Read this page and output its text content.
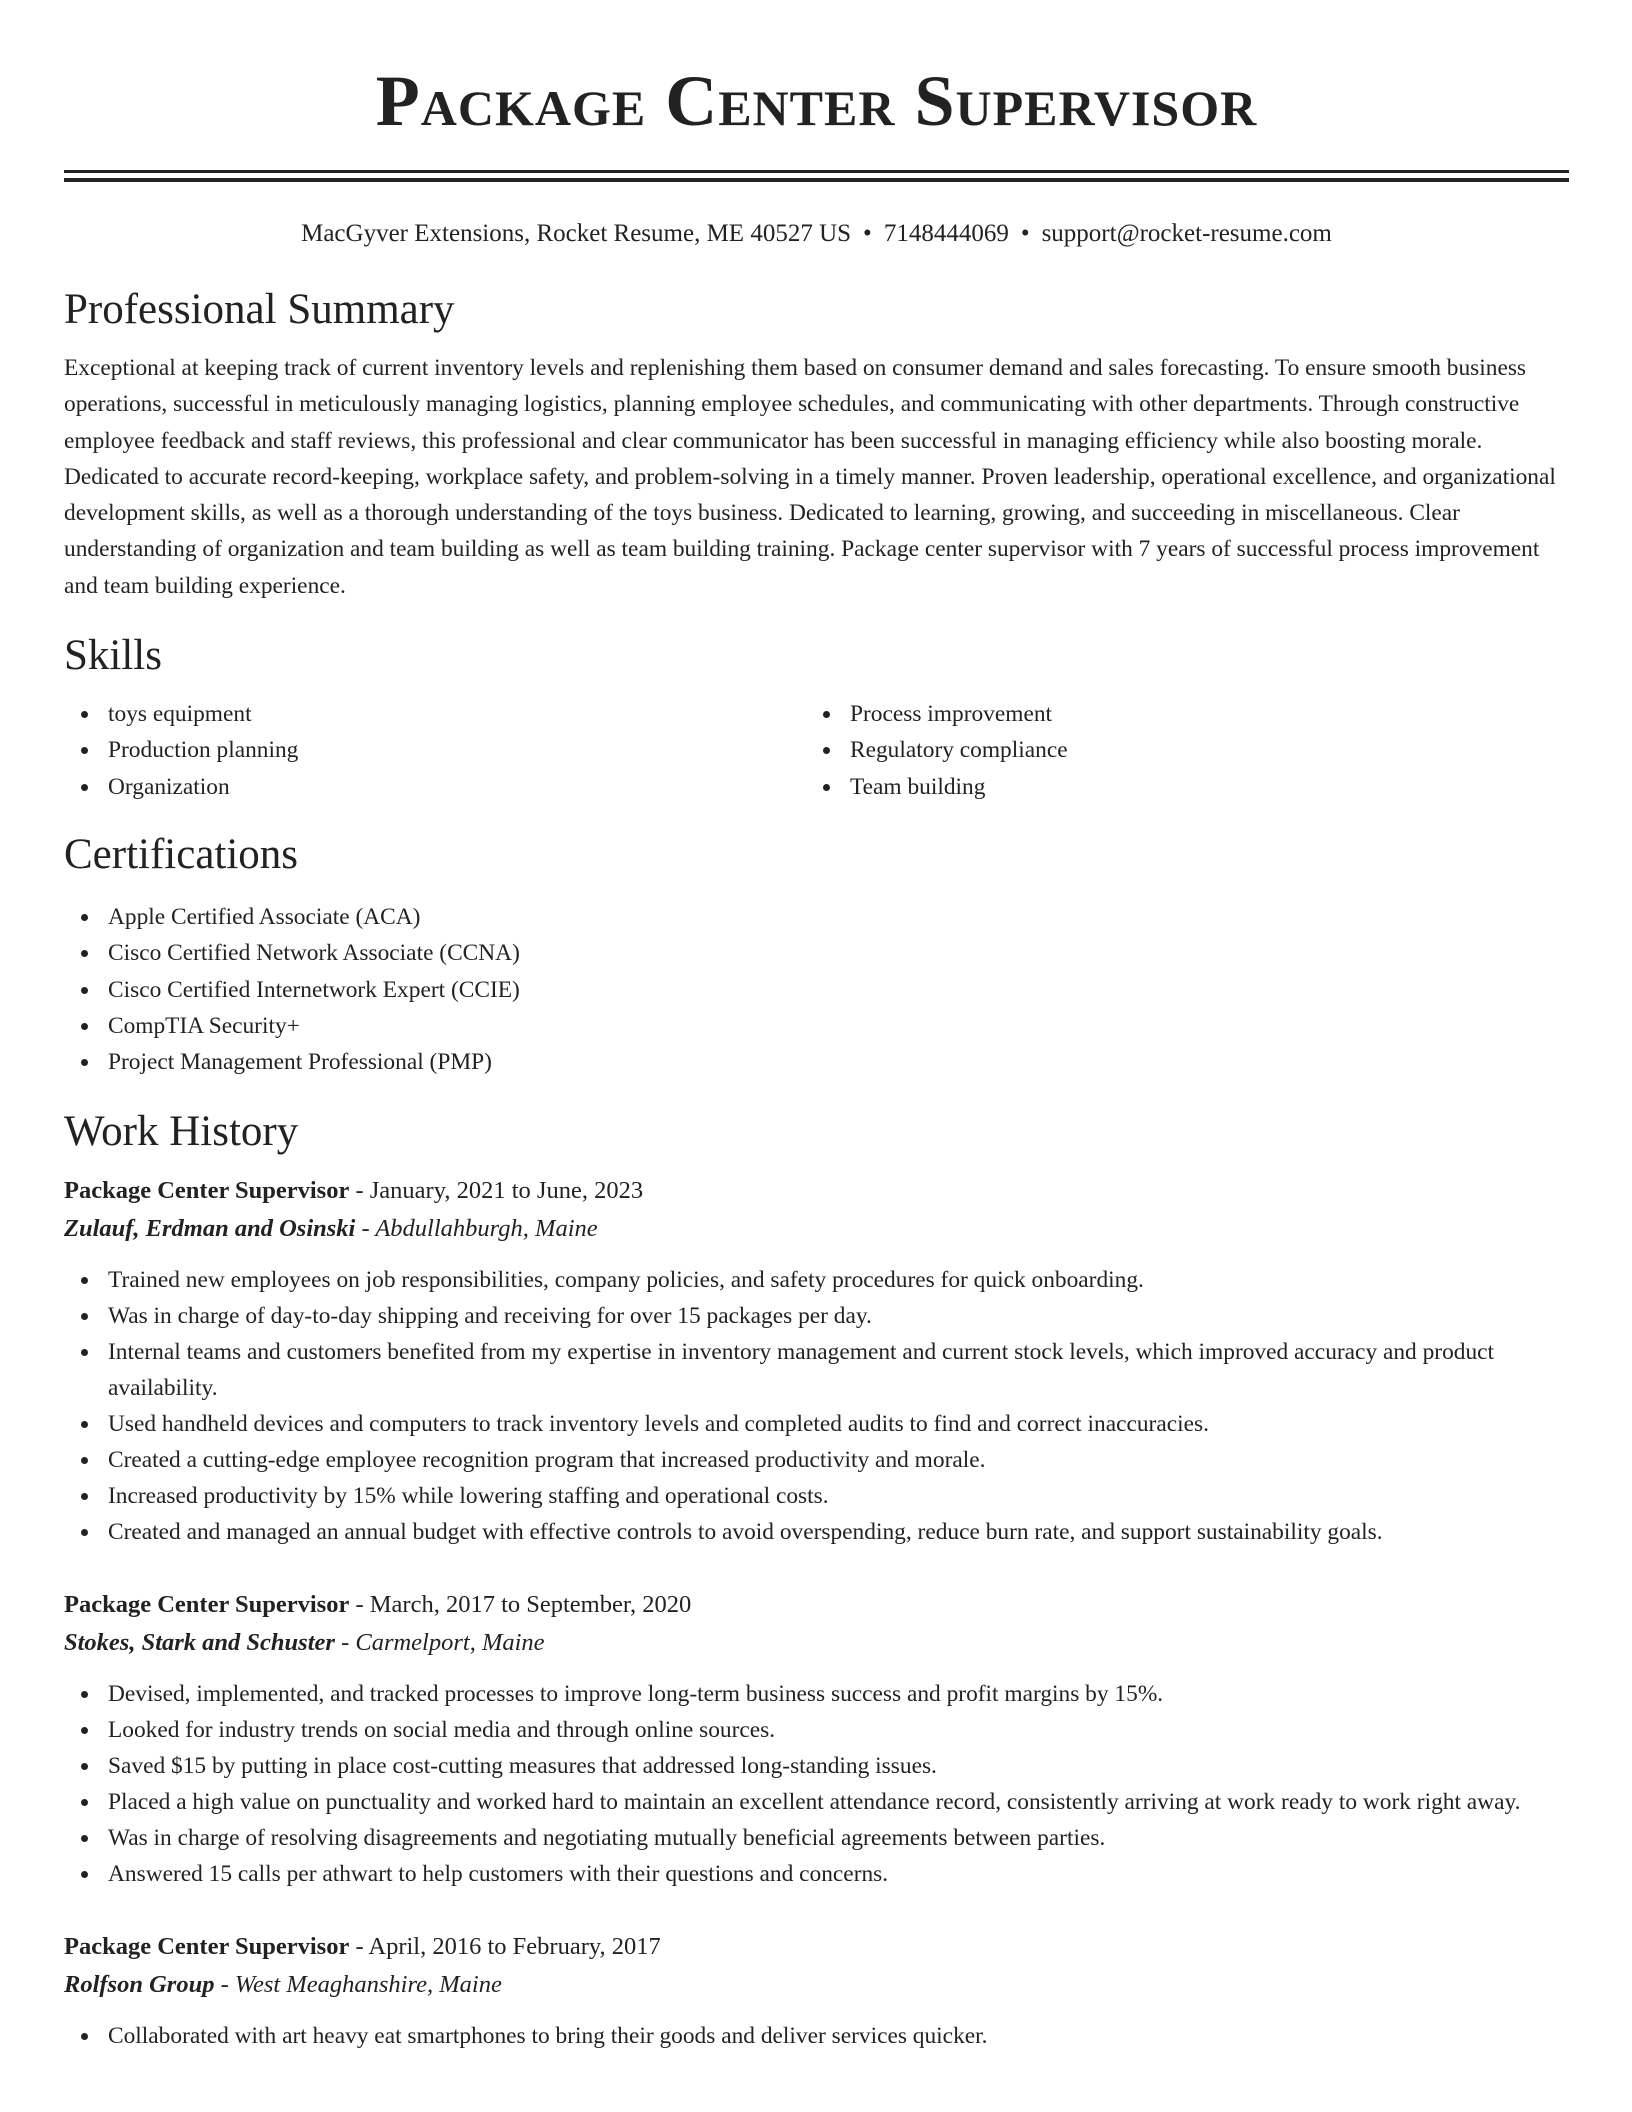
Package Center Supervisor
MacGyver Extensions, Rocket Resume, ME 40527 US • 7148444069 • support@rocket-resume.com
Professional Summary
Exceptional at keeping track of current inventory levels and replenishing them based on consumer demand and sales forecasting. To ensure smooth business operations, successful in meticulously managing logistics, planning employee schedules, and communicating with other departments. Through constructive employee feedback and staff reviews, this professional and clear communicator has been successful in managing efficiency while also boosting morale. Dedicated to accurate record-keeping, workplace safety, and problem-solving in a timely manner. Proven leadership, operational excellence, and organizational development skills, as well as a thorough understanding of the toys business. Dedicated to learning, growing, and succeeding in miscellaneous. Clear understanding of organization and team building as well as team building training. Package center supervisor with 7 years of successful process improvement and team building experience.
Skills
toys equipment
Production planning
Organization
Process improvement
Regulatory compliance
Team building
Certifications
Apple Certified Associate (ACA)
Cisco Certified Network Associate (CCNA)
Cisco Certified Internetwork Expert (CCIE)
CompTIA Security+
Project Management Professional (PMP)
Work History
Package Center Supervisor - January, 2021 to June, 2023
Zulauf, Erdman and Osinski - Abdullahburgh, Maine
Trained new employees on job responsibilities, company policies, and safety procedures for quick onboarding.
Was in charge of day-to-day shipping and receiving for over 15 packages per day.
Internal teams and customers benefited from my expertise in inventory management and current stock levels, which improved accuracy and product availability.
Used handheld devices and computers to track inventory levels and completed audits to find and correct inaccuracies.
Created a cutting-edge employee recognition program that increased productivity and morale.
Increased productivity by 15% while lowering staffing and operational costs.
Created and managed an annual budget with effective controls to avoid overspending, reduce burn rate, and support sustainability goals.
Package Center Supervisor - March, 2017 to September, 2020
Stokes, Stark and Schuster - Carmelport, Maine
Devised, implemented, and tracked processes to improve long-term business success and profit margins by 15%.
Looked for industry trends on social media and through online sources.
Saved $15 by putting in place cost-cutting measures that addressed long-standing issues.
Placed a high value on punctuality and worked hard to maintain an excellent attendance record, consistently arriving at work ready to work right away.
Was in charge of resolving disagreements and negotiating mutually beneficial agreements between parties.
Answered 15 calls per athwart to help customers with their questions and concerns.
Package Center Supervisor - April, 2016 to February, 2017
Rolfson Group - West Meaghanshire, Maine
Collaborated with art heavy eat smartphones to bring their goods and deliver services quicker.
